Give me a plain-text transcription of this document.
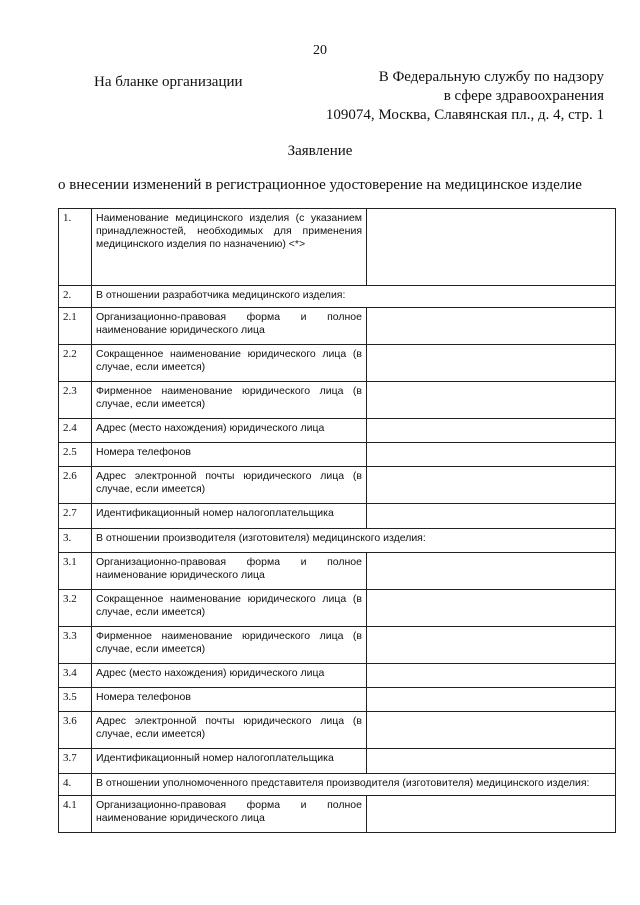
20
На бланке организации	В Федеральную службу по надзору
в сфере здравоохранения
109074, Москва, Славянская пл., д. 4, стр. 1
Заявление
о внесении изменений в регистрационное удостоверение на медицинское изделие
1.	Наименование медицинского изделия (с указанием принадлежностей, необходимых для применения медицинского изделия по назначению) <*>	
2.	В отношении разработчика медицинского изделия:	
2.1	Организационно-правовая форма и полное наименование юридического лица	
2.2	Сокращенное наименование юридического лица (в случае, если имеется)	
2.3	Фирменное наименование юридического лица (в случае, если имеется)	
2.4	Адрес (место нахождения) юридического лица	
2.5	Номера телефонов	
2.6	Адрес электронной почты юридического лица (в случае, если имеется)	
2.7	Идентификационный номер налогоплательщика	
3.	В отношении производителя (изготовителя) медицинского изделия:	
3.1	Организационно-правовая форма и полное наименование юридического лица	
3.2	Сокращенное наименование юридического лица (в случае, если имеется)	
3.3	Фирменное наименование юридического лица (в случае, если имеется)	
3.4	Адрес (место нахождения) юридического лица	
3.5	Номера телефонов	
3.6	Адрес электронной почты юридического лица (в случае, если имеется)	
3.7	Идентификационный номер налогоплательщика	
4.	В отношении уполномоченного представителя производителя (изготовителя) медицинского изделия:	
4.1	Организационно-правовая форма и полное наименование юридического лица	
